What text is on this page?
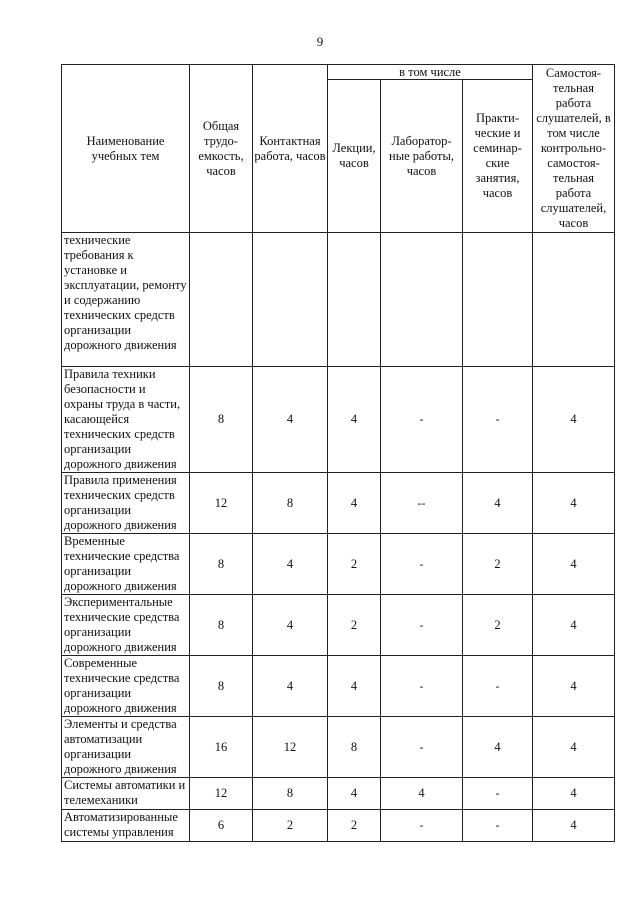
9
Наименование учебных тем	Общая трудо-емкость, часов	Контактная работа, часов	в том числе			Самостоя-тельная работа слушателей, в том числе контрольно-самостоя-тельная работа слушателей, часов
			Лекции, часов	Лаборатор-ные работы, часов	Практи-ческие и семинар-ские занятия, часов	
технические требования к установке и эксплуатации, ремонту и содержанию технических средств организации дорожного движения						
Правила техники безопасности и охраны труда в части, касающейся технических средств организации дорожного движения	8	4	4	-	-	4
Правила применения технических средств организации дорожного движения	12	8	4	--	4	4
Временные технические средства организации дорожного движения	8	4	2	-	2	4
Экспериментальные технические средства организации дорожного движения	8	4	2	-	2	4
Современные технические средства организации дорожного движения	8	4	4	-	-	4
Элементы и средства автоматизации организации дорожного движения	16	12	8	-	4	4
Системы автоматики и телемеханики	12	8	4	4	-	4
Автоматизированные системы управления	6	2	2	-	-	4
